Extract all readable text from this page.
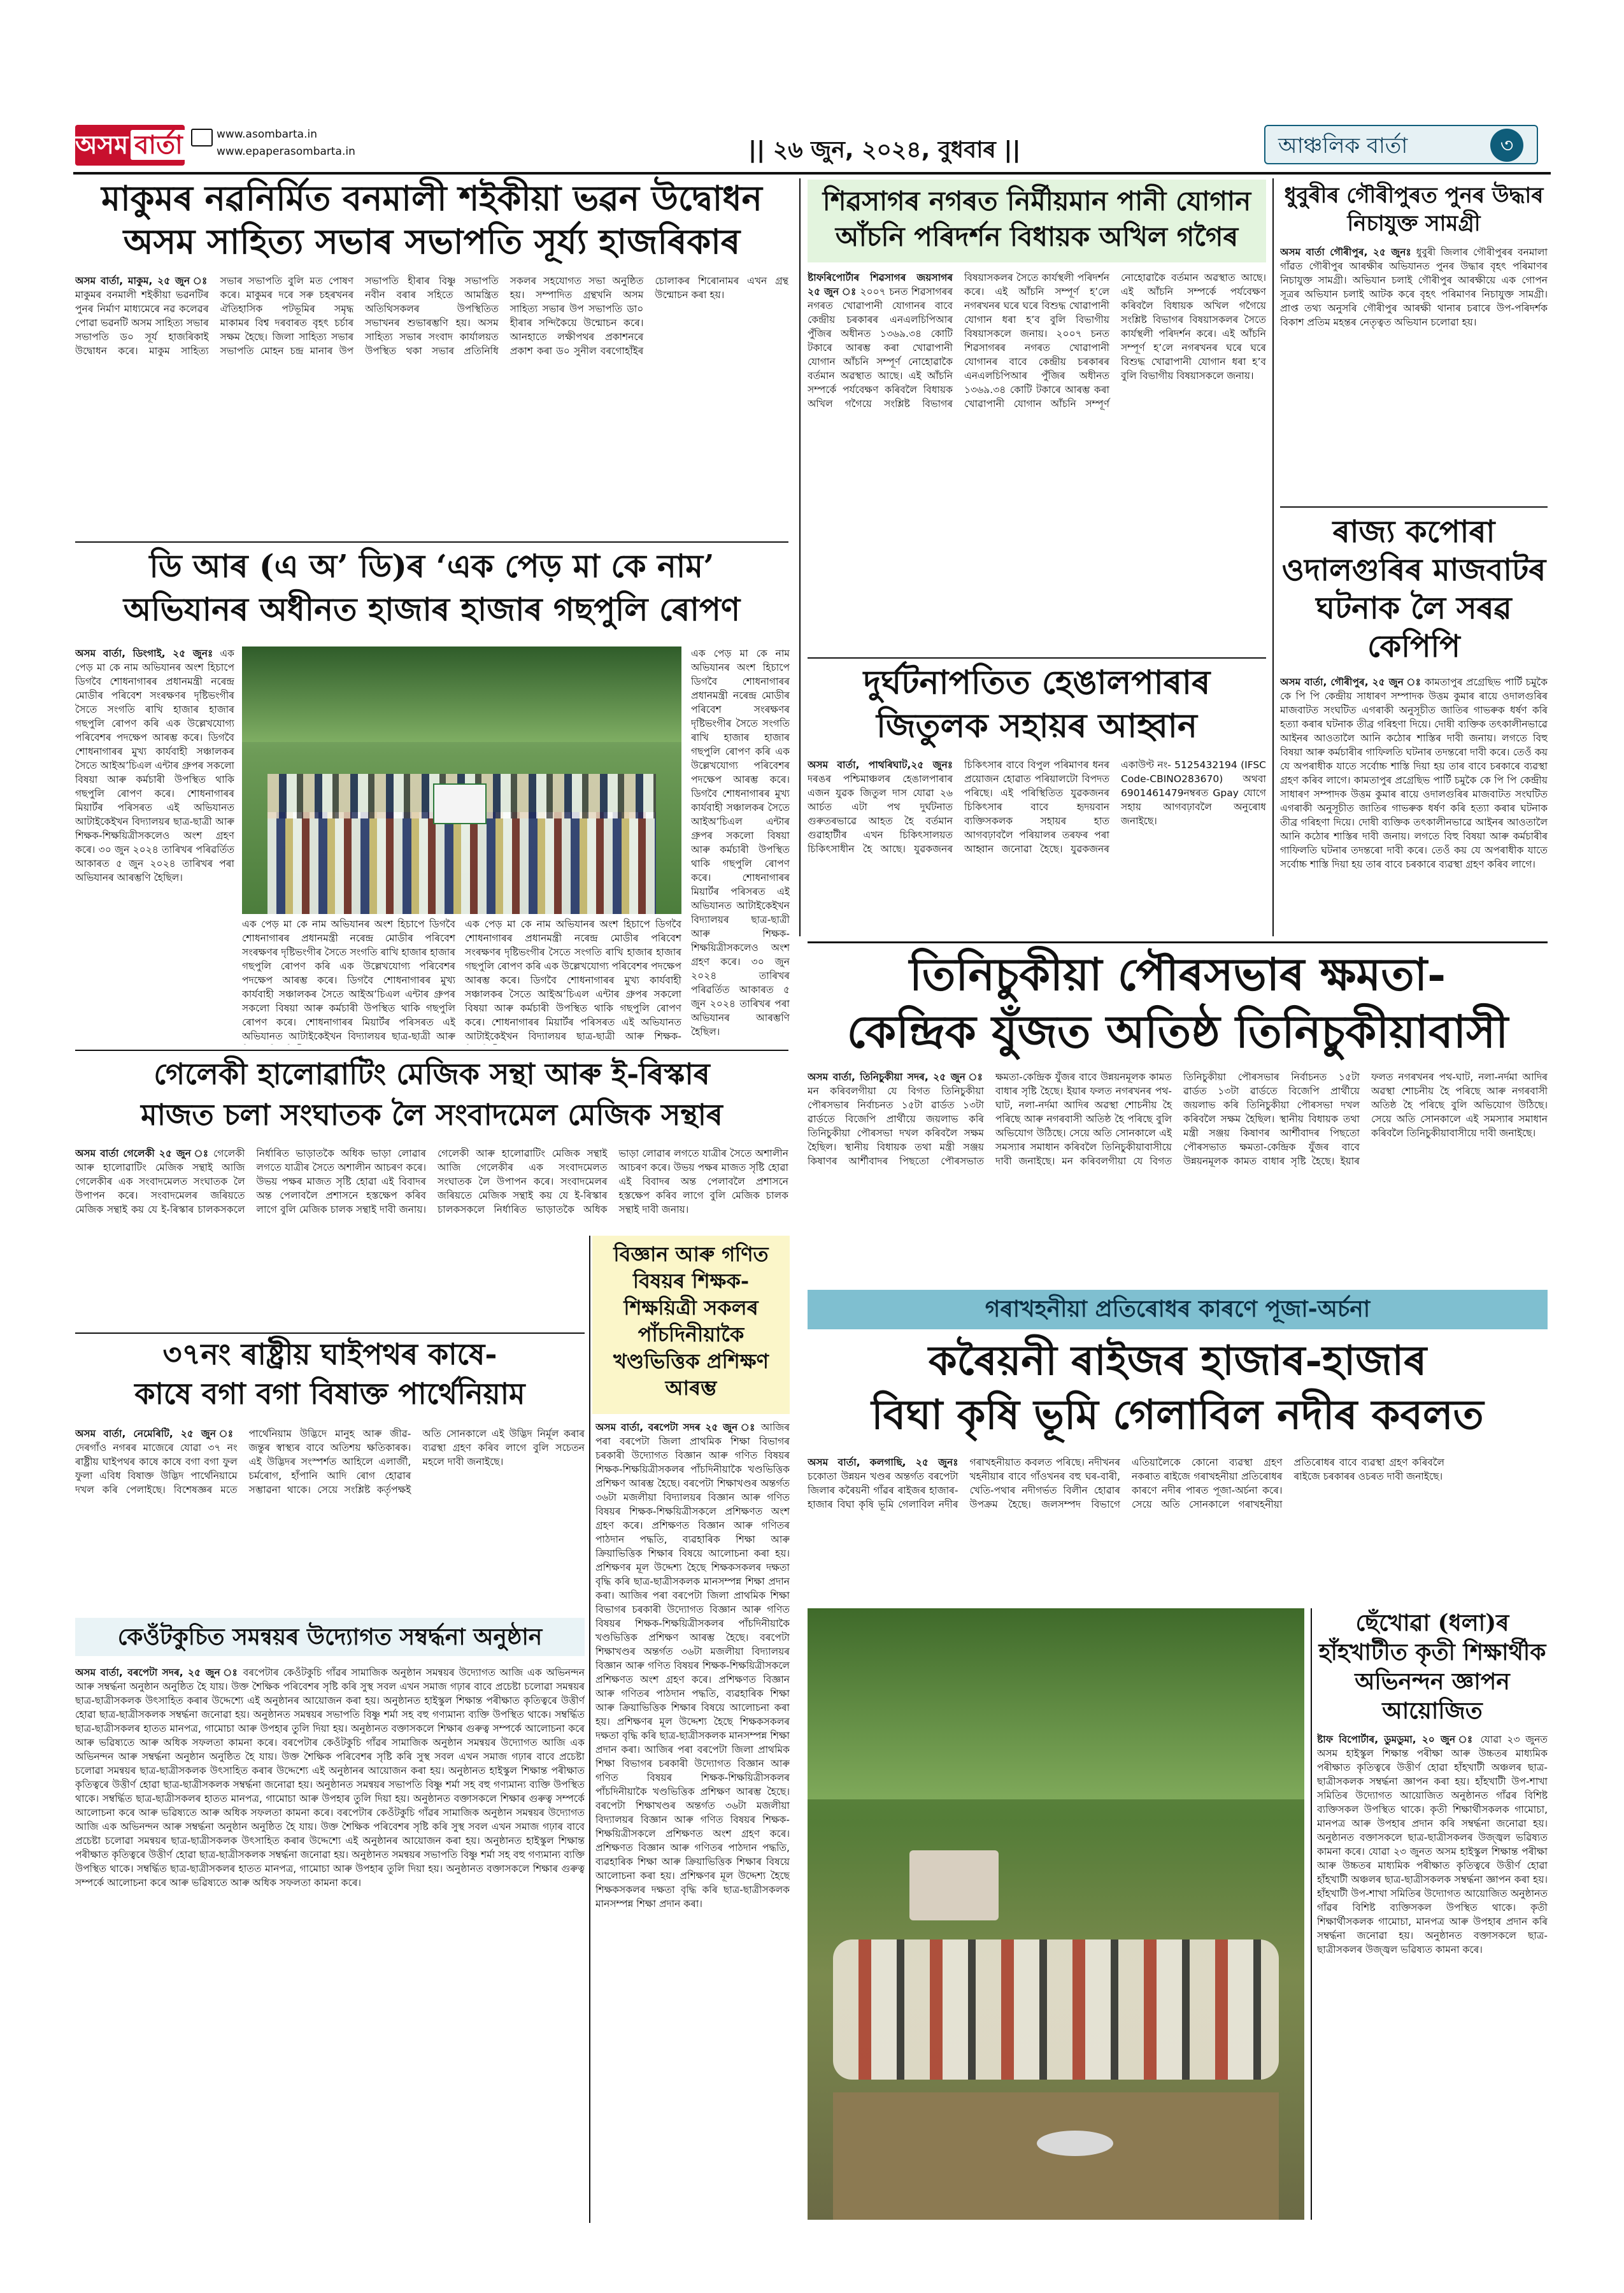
অসম বাৰ্তা	www.asombarta.in
www.epaperasombarta.in	|| ২৬ জুন, ২০২৪, বুধবাৰ ||	আঞ্চলিক বাৰ্তা	৩
মাকুমৰ নৱনিৰ্মিত বনমালী শইকীয়া ভৱন উদ্বোধন
অসম সাহিত্য সভাৰ সভাপতি সূৰ্য্য হাজৰিকাৰ
অসম বাৰ্তা, মাকুম, ২৫ জুন ঃ মাকুমৰ বনমালী শইকীয়া ভৱনটিৰ পুনৰ নিৰ্মাণ মাধ্যমেৰে নৱ কলেৱৰ পোৱা ভৱনটি অসম সাহিত্য সভাৰ সভাপতি ড০ সূৰ্য হাজৰিকাই উদ্বোধন কৰে। মাকুম সাহিত্য সভাৰ সভাপতি বুলি মত পোষণ কৰে। মাকুমৰ দৰে সৰু চহৰখনৰ ঐতিহাসিক পটভূমিৰ সমৃদ্ধ মাকামৰ বিশ্ব দৰবাৰত বৃহৎ চৰ্চাৰ সক্ষম হৈছে। জিলা সাহিত্য সভাৰ সভাপতি মোহন চন্দ্ৰ মানাৰ উপ সভাপতি হীৰাৰ বিষ্ণু সভাপতি নবীন বৰাৰ সহিতে আমন্ত্ৰিত অতিথিসকলৰ উপস্থিতিত সভাখনৰ শুভাৰম্ভণি হয়। অসম সাহিত্য সভাৰ সংবাদ কাৰ্যালয়ত উপস্থিত থকা সভাৰ প্ৰতিনিধি সকলৰ সহযোগত সভা অনুষ্ঠিত হয়। সম্পাদিত গ্ৰন্থখনি অসম সাহিত্য সভাৰ উপ সভাপতি ডা০ হীৰাৰ সন্দিকৈয়ে উন্মোচন কৰে। আনহাতে লক্ষীপথৰ প্ৰকাশনৰে প্ৰকাশ কৰা ড০ সুনীল বৰগোহাঁইৰ চোলাকৰ শিৰোনামৰ এখন গ্ৰন্থ উন্মোচন কৰা হয়।
ডি আৰ (এ অ’ ডি)ৰ ‘এক পেড় মা কে নাম’
অভিযানৰ অধীনত হাজাৰ হাজাৰ গছপুলি ৰোপণ
অসম বাৰ্তা, ডিংগাই, ২৫ জুনঃ এক পেড় মা কে নাম অভিযানৰ অংশ হিচাপে ডিগবৈ শোধনাগাৰৰ প্ৰধানমন্ত্ৰী নৰেন্দ্ৰ মোডীৰ পৰিবেশ সংৰক্ষণৰ দৃষ্টিভংগীৰ সৈতে সংগতি ৰাখি হাজাৰ হাজাৰ গছপুলি ৰোপণ কৰি এক উল্লেখযোগ্য পৰিবেশৰ পদক্ষেপ আৰম্ভ কৰে। ডিগবৈ শোধনাগাৰৰ মুখ্য কাৰ্যবাহী সঞ্চালকৰ সৈতে আইঅ’চিএল এন্টাৰ গ্ৰুপৰ সকলো বিষয়া আৰু কৰ্মচাৰী উপস্থিত থাকি গছপুলি ৰোপণ কৰে। শোধনাগাৰৰ মিয়াৰ্টৰ পৰিসৰত এই অভিযানত আটাইকেইখন বিদ্যালয়ৰ ছাত্ৰ-ছাত্ৰী আৰু শিক্ষক-শিক্ষয়িত্ৰীসকলেও অংশ গ্ৰহণ কৰে। ৩০ জুন ২০২৪ তাৰিখৰ পৰিৱৰ্তিত আকাৰত ৫ জুন ২০২৪ তাৰিখৰ পৰা অভিযানৰ আৰম্ভণি হৈছিল।
এক পেড় মা কে নাম অভিযানৰ অংশ হিচাপে ডিগবৈ শোধনাগাৰৰ প্ৰধানমন্ত্ৰী নৰেন্দ্ৰ মোডীৰ পৰিবেশ সংৰক্ষণৰ দৃষ্টিভংগীৰ সৈতে সংগতি ৰাখি হাজাৰ হাজাৰ গছপুলি ৰোপণ কৰি এক উল্লেখযোগ্য পৰিবেশৰ পদক্ষেপ আৰম্ভ কৰে। ডিগবৈ শোধনাগাৰৰ মুখ্য কাৰ্যবাহী সঞ্চালকৰ সৈতে আইঅ’চিএল এন্টাৰ গ্ৰুপৰ সকলো বিষয়া আৰু কৰ্মচাৰী উপস্থিত থাকি গছপুলি ৰোপণ কৰে। শোধনাগাৰৰ মিয়াৰ্টৰ পৰিসৰত এই অভিযানত আটাইকেইখন বিদ্যালয়ৰ ছাত্ৰ-ছাত্ৰী আৰু
এক পেড় মা কে নাম অভিযানৰ অংশ হিচাপে ডিগবৈ শোধনাগাৰৰ প্ৰধানমন্ত্ৰী নৰেন্দ্ৰ মোডীৰ পৰিবেশ সংৰক্ষণৰ দৃষ্টিভংগীৰ সৈতে সংগতি ৰাখি হাজাৰ হাজাৰ গছপুলি ৰোপণ কৰি এক উল্লেখযোগ্য পৰিবেশৰ পদক্ষেপ আৰম্ভ কৰে। ডিগবৈ শোধনাগাৰৰ মুখ্য কাৰ্যবাহী সঞ্চালকৰ সৈতে আইঅ’চিএল এন্টাৰ গ্ৰুপৰ সকলো বিষয়া আৰু কৰ্মচাৰী উপস্থিত থাকি গছপুলি ৰোপণ কৰে। শোধনাগাৰৰ মিয়াৰ্টৰ পৰিসৰত এই অভিযানত আটাইকেইখন বিদ্যালয়ৰ ছাত্ৰ-ছাত্ৰী আৰু শিক্ষক-
এক পেড় মা কে নাম অভিযানৰ অংশ হিচাপে ডিগবৈ শোধনাগাৰৰ প্ৰধানমন্ত্ৰী নৰেন্দ্ৰ মোডীৰ পৰিবেশ সংৰক্ষণৰ দৃষ্টিভংগীৰ সৈতে সংগতি ৰাখি হাজাৰ হাজাৰ গছপুলি ৰোপণ কৰি এক উল্লেখযোগ্য পৰিবেশৰ পদক্ষেপ আৰম্ভ কৰে। ডিগবৈ শোধনাগাৰৰ মুখ্য কাৰ্যবাহী সঞ্চালকৰ সৈতে আইঅ’চিএল এন্টাৰ গ্ৰুপৰ সকলো বিষয়া আৰু কৰ্মচাৰী উপস্থিত থাকি গছপুলি ৰোপণ কৰে। শোধনাগাৰৰ মিয়াৰ্টৰ পৰিসৰত এই অভিযানত আটাইকেইখন বিদ্যালয়ৰ ছাত্ৰ-ছাত্ৰী আৰু শিক্ষক-শিক্ষয়িত্ৰীসকলেও অংশ গ্ৰহণ কৰে। ৩০ জুন ২০২৪ তাৰিখৰ পৰিৱৰ্তিত আকাৰত ৫ জুন ২০২৪ তাৰিখৰ পৰা অভিযানৰ আৰম্ভণি হৈছিল।
গেলেকী হালোৱাটিং মেজিক সন্থা আৰু ই-ৰিস্কাৰ
মাজত চলা সংঘাতক লৈ সংবাদমেল মেজিক সন্থাৰ
অসম বাৰ্তা গেলেকী ২৫ জুন ঃ গেলেকী আৰু হালোৱাটিং মেজিক সন্থাই আজি গেলেকীৰ এক সংবাদমেলত সংঘাতক লৈ উপাপন কৰে। সংবাদমেলৰ জৰিয়তে মেজিক সন্থাই কয় যে ই-ৰিস্কাৰ চালকসকলে নিৰ্ধাৰিত ভাড়াতকৈ অধিক ভাড়া লোৱাৰ লগতে যাত্ৰীৰ সৈতে অশালীন আচৰণ কৰে। উভয় পক্ষৰ মাজত সৃষ্টি হোৱা এই বিবাদৰ অন্ত পেলাবলৈ প্ৰশাসনে হস্তক্ষেপ কৰিব লাগে বুলি মেজিক চালক সন্থাই দাবী জনায়। গেলেকী আৰু হালোৱাটিং মেজিক সন্থাই আজি গেলেকীৰ এক সংবাদমেলত সংঘাতক লৈ উপাপন কৰে। সংবাদমেলৰ জৰিয়তে মেজিক সন্থাই কয় যে ই-ৰিস্কাৰ চালকসকলে নিৰ্ধাৰিত ভাড়াতকৈ অধিক ভাড়া লোৱাৰ লগতে যাত্ৰীৰ সৈতে অশালীন আচৰণ কৰে। উভয় পক্ষৰ মাজত সৃষ্টি হোৱা এই বিবাদৰ অন্ত পেলাবলৈ প্ৰশাসনে হস্তক্ষেপ কৰিব লাগে বুলি মেজিক চালক সন্থাই দাবী জনায়।
বিজ্ঞান আৰু গণিত বিষয়ৰ শিক্ষক-শিক্ষয়িত্ৰী সকলৰ পাঁচদিনীয়াকৈ খণ্ডভিত্তিক প্ৰশিক্ষণ আৰম্ভ
অসম বাৰ্তা, বৰপেটা সদৰ ২৫ জুন ঃ আজিৰ পৰা বৰপেটা জিলা প্ৰাথমিক শিক্ষা বিভাগৰ চৰকাৰী উদ্যোগত বিজ্ঞান আৰু গণিত বিষয়ৰ শিক্ষক-শিক্ষয়িত্ৰীসকলৰ পাঁচদিনীয়াকৈ খণ্ডভিত্তিক প্ৰশিক্ষণ আৰম্ভ হৈছে। বৰপেটা শিক্ষাখণ্ডৰ অন্তৰ্গত ৩৬টা মজলীয়া বিদ্যালয়ৰ বিজ্ঞান আৰু গণিত বিষয়ৰ শিক্ষক-শিক্ষয়িত্ৰীসকলে প্ৰশিক্ষণত অংশ গ্ৰহণ কৰে। প্ৰশিক্ষণত বিজ্ঞান আৰু গণিতৰ পাঠদান পদ্ধতি, ব্যৱহাৰিক শিক্ষা আৰু ক্ৰিয়াভিত্তিক শিক্ষাৰ বিষয়ে আলোচনা কৰা হয়। প্ৰশিক্ষণৰ মূল উদ্দেশ্য হৈছে শিক্ষকসকলৰ দক্ষতা বৃদ্ধি কৰি ছাত্ৰ-ছাত্ৰীসকলক মানসম্পন্ন শিক্ষা প্ৰদান কৰা। আজিৰ পৰা বৰপেটা জিলা প্ৰাথমিক শিক্ষা বিভাগৰ চৰকাৰী উদ্যোগত বিজ্ঞান আৰু গণিত বিষয়ৰ শিক্ষক-শিক্ষয়িত্ৰীসকলৰ পাঁচদিনীয়াকৈ খণ্ডভিত্তিক প্ৰশিক্ষণ আৰম্ভ হৈছে। বৰপেটা শিক্ষাখণ্ডৰ অন্তৰ্গত ৩৬টা মজলীয়া বিদ্যালয়ৰ বিজ্ঞান আৰু গণিত বিষয়ৰ শিক্ষক-শিক্ষয়িত্ৰীসকলে প্ৰশিক্ষণত অংশ গ্ৰহণ কৰে। প্ৰশিক্ষণত বিজ্ঞান আৰু গণিতৰ পাঠদান পদ্ধতি, ব্যৱহাৰিক শিক্ষা আৰু ক্ৰিয়াভিত্তিক শিক্ষাৰ বিষয়ে আলোচনা কৰা হয়। প্ৰশিক্ষণৰ মূল উদ্দেশ্য হৈছে শিক্ষকসকলৰ দক্ষতা বৃদ্ধি কৰি ছাত্ৰ-ছাত্ৰীসকলক মানসম্পন্ন শিক্ষা প্ৰদান কৰা। আজিৰ পৰা বৰপেটা জিলা প্ৰাথমিক শিক্ষা বিভাগৰ চৰকাৰী উদ্যোগত বিজ্ঞান আৰু গণিত বিষয়ৰ শিক্ষক-শিক্ষয়িত্ৰীসকলৰ পাঁচদিনীয়াকৈ খণ্ডভিত্তিক প্ৰশিক্ষণ আৰম্ভ হৈছে। বৰপেটা শিক্ষাখণ্ডৰ অন্তৰ্গত ৩৬টা মজলীয়া বিদ্যালয়ৰ বিজ্ঞান আৰু গণিত বিষয়ৰ শিক্ষক-শিক্ষয়িত্ৰীসকলে প্ৰশিক্ষণত অংশ গ্ৰহণ কৰে। প্ৰশিক্ষণত বিজ্ঞান আৰু গণিতৰ পাঠদান পদ্ধতি, ব্যৱহাৰিক শিক্ষা আৰু ক্ৰিয়াভিত্তিক শিক্ষাৰ বিষয়ে আলোচনা কৰা হয়। প্ৰশিক্ষণৰ মূল উদ্দেশ্য হৈছে শিক্ষকসকলৰ দক্ষতা বৃদ্ধি কৰি ছাত্ৰ-ছাত্ৰীসকলক মানসম্পন্ন শিক্ষা প্ৰদান কৰা।
৩৭নং ৰাষ্ট্ৰীয় ঘাইপথৰ কাষে-
কাষে বগা বগা বিষাক্ত পাৰ্থেনিয়াম
অসম বাৰ্তা, নেমেৰিটি, ২৫ জুন ঃ দেৰগাঁও নগৰৰ মাজেৰে যোৱা ৩৭ নং ৰাষ্ট্ৰীয় ঘাইপথৰ কাষে কাষে বগা বগা ফুল ফুলা এবিধ বিষাক্ত উদ্ভিদ পাৰ্থেনিয়ামে দখল কৰি পেলাইছে। বিশেষজ্ঞৰ মতে পাৰ্থেনিয়াম উদ্ভিদে মানুহ আৰু জীৱ-জন্তুৰ স্বাস্থ্যৰ বাবে অতিশয় ক্ষতিকাৰক। এই উদ্ভিদৰ সংস্পৰ্শত আহিলে এলাৰ্জী, চৰ্মৰোগ, হাঁপানি আদি ৰোগ হোৱাৰ সম্ভাৱনা থাকে। সেয়ে সংশ্লিষ্ট কৰ্তৃপক্ষই অতি সোনকালে এই উদ্ভিদ নিৰ্মূল কৰাৰ ব্যৱস্থা গ্ৰহণ কৰিব লাগে বুলি সচেতন মহলে দাবী জনাইছে।
কেওঁটকুচিত সমন্বয়ৰ উদ্যোগত সম্বৰ্দ্ধনা অনুষ্ঠান
অসম বাৰ্তা, বৰপেটা সদৰ, ২৫ জুন ঃ বৰপেটাৰ কেওঁটকুচি গাঁৱৰ সামাজিক অনুষ্ঠান সমন্বয়ৰ উদ্যোগত আজি এক অভিনন্দন আৰু সম্বৰ্দ্ধনা অনুষ্ঠান অনুষ্ঠিত হৈ যায়। উক্ত শৈক্ষিক পৰিবেশৰ সৃষ্টি কৰি সুস্থ সবল এখন সমাজ গঢ়াৰ বাবে প্ৰচেষ্টা চলোৱা সমন্বয়ৰ ছাত্ৰ-ছাত্ৰীসকলক উৎসাহিত কৰাৰ উদ্দেশ্যে এই অনুষ্ঠানৰ আয়োজন কৰা হয়। অনুষ্ঠানত হাইস্কুল শিক্ষান্ত পৰীক্ষাত কৃতিত্বৰে উত্তীৰ্ণ হোৱা ছাত্ৰ-ছাত্ৰীসকলক সম্বৰ্দ্ধনা জনোৱা হয়। অনুষ্ঠানত সমন্বয়ৰ সভাপতি বিষ্ণু শৰ্মা সহ বহু গণ্যমান্য ব্যক্তি উপস্থিত থাকে। সম্বৰ্দ্ধিত ছাত্ৰ-ছাত্ৰীসকলৰ হাতত মানপত্ৰ, গামোচা আৰু উপহাৰ তুলি দিয়া হয়। অনুষ্ঠানত বক্তাসকলে শিক্ষাৰ গুৰুত্ব সম্পৰ্কে আলোচনা কৰে আৰু ভৱিষ্যতে আৰু অধিক সফলতা কামনা কৰে। বৰপেটাৰ কেওঁটকুচি গাঁৱৰ সামাজিক অনুষ্ঠান সমন্বয়ৰ উদ্যোগত আজি এক অভিনন্দন আৰু সম্বৰ্দ্ধনা অনুষ্ঠান অনুষ্ঠিত হৈ যায়। উক্ত শৈক্ষিক পৰিবেশৰ সৃষ্টি কৰি সুস্থ সবল এখন সমাজ গঢ়াৰ বাবে প্ৰচেষ্টা চলোৱা সমন্বয়ৰ ছাত্ৰ-ছাত্ৰীসকলক উৎসাহিত কৰাৰ উদ্দেশ্যে এই অনুষ্ঠানৰ আয়োজন কৰা হয়। অনুষ্ঠানত হাইস্কুল শিক্ষান্ত পৰীক্ষাত কৃতিত্বৰে উত্তীৰ্ণ হোৱা ছাত্ৰ-ছাত্ৰীসকলক সম্বৰ্দ্ধনা জনোৱা হয়। অনুষ্ঠানত সমন্বয়ৰ সভাপতি বিষ্ণু শৰ্মা সহ বহু গণ্যমান্য ব্যক্তি উপস্থিত থাকে। সম্বৰ্দ্ধিত ছাত্ৰ-ছাত্ৰীসকলৰ হাতত মানপত্ৰ, গামোচা আৰু উপহাৰ তুলি দিয়া হয়। অনুষ্ঠানত বক্তাসকলে শিক্ষাৰ গুৰুত্ব সম্পৰ্কে আলোচনা কৰে আৰু ভৱিষ্যতে আৰু অধিক সফলতা কামনা কৰে। বৰপেটাৰ কেওঁটকুচি গাঁৱৰ সামাজিক অনুষ্ঠান সমন্বয়ৰ উদ্যোগত আজি এক অভিনন্দন আৰু সম্বৰ্দ্ধনা অনুষ্ঠান অনুষ্ঠিত হৈ যায়। উক্ত শৈক্ষিক পৰিবেশৰ সৃষ্টি কৰি সুস্থ সবল এখন সমাজ গঢ়াৰ বাবে প্ৰচেষ্টা চলোৱা সমন্বয়ৰ ছাত্ৰ-ছাত্ৰীসকলক উৎসাহিত কৰাৰ উদ্দেশ্যে এই অনুষ্ঠানৰ আয়োজন কৰা হয়। অনুষ্ঠানত হাইস্কুল শিক্ষান্ত পৰীক্ষাত কৃতিত্বৰে উত্তীৰ্ণ হোৱা ছাত্ৰ-ছাত্ৰীসকলক সম্বৰ্দ্ধনা জনোৱা হয়। অনুষ্ঠানত সমন্বয়ৰ সভাপতি বিষ্ণু শৰ্মা সহ বহু গণ্যমান্য ব্যক্তি উপস্থিত থাকে। সম্বৰ্দ্ধিত ছাত্ৰ-ছাত্ৰীসকলৰ হাতত মানপত্ৰ, গামোচা আৰু উপহাৰ তুলি দিয়া হয়। অনুষ্ঠানত বক্তাসকলে শিক্ষাৰ গুৰুত্ব সম্পৰ্কে আলোচনা কৰে আৰু ভৱিষ্যতে আৰু অধিক সফলতা কামনা কৰে।
শিৱসাগৰ নগৰত নিৰ্মীয়মান পানী যোগান
আঁচনি পৰিদৰ্শন বিধায়ক অখিল গগৈৰ
ষ্টাফৰিপোৰ্টাৰ শিৱসাগৰ জয়সাগৰ ২৫ জুন ঃ ২০০৭ চনত শিৱসাগৰৰ নগৰত খোৱাপানী যোগানৰ বাবে কেন্দ্ৰীয় চৰকাৰৰ এনএলচিপিআৰ পুঁজিৰ অধীনত ১৩৬৯.৩৪ কোটি টকাৰে আৰম্ভ কৰা খোৱাপানী যোগান আঁচনি সম্পূৰ্ণ নোহোৱাকৈ বৰ্তমান অৱস্থাত আছে। এই আঁচনি সম্পৰ্কে পৰ্যবেক্ষণ কৰিবলৈ বিধায়ক অখিল গগৈয়ে সংশ্লিষ্ট বিভাগৰ বিষয়াসকলৰ সৈতে কাৰ্যস্থলী পৰিদৰ্শন কৰে। এই আঁচনি সম্পূৰ্ণ হ’লে নগৰখনৰ ঘৰে ঘৰে বিশুদ্ধ খোৱাপানী যোগান ধৰা হ’ব বুলি বিভাগীয় বিষয়াসকলে জনায়। ২০০৭ চনত শিৱসাগৰৰ নগৰত খোৱাপানী যোগানৰ বাবে কেন্দ্ৰীয় চৰকাৰৰ এনএলচিপিআৰ পুঁজিৰ অধীনত ১৩৬৯.৩৪ কোটি টকাৰে আৰম্ভ কৰা খোৱাপানী যোগান আঁচনি সম্পূৰ্ণ নোহোৱাকৈ বৰ্তমান অৱস্থাত আছে। এই আঁচনি সম্পৰ্কে পৰ্যবেক্ষণ কৰিবলৈ বিধায়ক অখিল গগৈয়ে সংশ্লিষ্ট বিভাগৰ বিষয়াসকলৰ সৈতে কাৰ্যস্থলী পৰিদৰ্শন কৰে। এই আঁচনি সম্পূৰ্ণ হ’লে নগৰখনৰ ঘৰে ঘৰে বিশুদ্ধ খোৱাপানী যোগান ধৰা হ’ব বুলি বিভাগীয় বিষয়াসকলে জনায়।
ধুবুৰীৰ গৌৰীপুৰত পুনৰ উদ্ধাৰ নিচাযুক্ত সামগ্ৰী
অসম বাৰ্তা গৌৰীপুৰ, ২৫ জুনঃ ধুবুৰী জিলাৰ গৌৰীপুৰৰ বনমালা গাঁৱত গৌৰীপুৰ আৰক্ষীৰ অভিযানত পুনৰ উদ্ধাৰ বৃহৎ পৰিমাণৰ নিচাযুক্ত সামগ্ৰী। অভিযান চলাই গৌৰীপুৰ আৰক্ষীয়ে এক গোপন সূত্ৰৰ অভিযান চলাই আটক কৰে বৃহৎ পৰিমাণৰ নিচাযুক্ত সামগ্ৰী। প্ৰাপ্ত তথ্য অনুসৰি গৌৰীপুৰ আৰক্ষী থানাৰ চৰাৰে উপ-পৰিদৰ্শক বিকাশ প্ৰতিম মহন্তৰ নেতৃত্বত অভিযান চলোৱা হয়।
ৰাজ্য কপোৰা ওদালগুৰিৰ মাজবাটৰ ঘটনাক লৈ সৰৱ কেপিপি
অসম বাৰ্তা, গৌৰীপুৰ, ২৫ জুন ঃ কামতাপুৰ প্ৰগ্ৰেছিভ পাৰ্টি চমুকৈ কে পি পি কেন্দ্ৰীয় সাধাৰণ সম্পাদক উত্তম কুমাৰ ৰায়ে ওদালগুৰিৰ মাজবাটত সংঘটিত এগৰাকী অনুসূচীত জাতিৰ গাভৰুক ধৰ্ষণ কৰি হত্যা কৰাৰ ঘটনাক তীব্ৰ গৰিহণা দিয়ে। দোষী ব্যক্তিক তৎকালীনভাৱে আইনৰ আওতালৈ আনি কঠোৰ শাস্তিৰ দাবী জনায়। লগতে বিহু বিষয়া আৰু কৰ্মচাৰীৰ গাফিলতি ঘটনাৰ তদন্তৰো দাবী কৰে। তেওঁ কয় যে অপৰাধীক যাতে সৰ্বোচ্চ শাস্তি দিয়া হয় তাৰ বাবে চৰকাৰে ব্যৱস্থা গ্ৰহণ কৰিব লাগে। কামতাপুৰ প্ৰগ্ৰেছিভ পাৰ্টি চমুকৈ কে পি পি কেন্দ্ৰীয় সাধাৰণ সম্পাদক উত্তম কুমাৰ ৰায়ে ওদালগুৰিৰ মাজবাটত সংঘটিত এগৰাকী অনুসূচীত জাতিৰ গাভৰুক ধৰ্ষণ কৰি হত্যা কৰাৰ ঘটনাক তীব্ৰ গৰিহণা দিয়ে। দোষী ব্যক্তিক তৎকালীনভাৱে আইনৰ আওতালৈ আনি কঠোৰ শাস্তিৰ দাবী জনায়। লগতে বিহু বিষয়া আৰু কৰ্মচাৰীৰ গাফিলতি ঘটনাৰ তদন্তৰো দাবী কৰে। তেওঁ কয় যে অপৰাধীক যাতে সৰ্বোচ্চ শাস্তি দিয়া হয় তাৰ বাবে চৰকাৰে ব্যৱস্থা গ্ৰহণ কৰিব লাগে।
দুৰ্ঘটনাপতিত হেঙালপাৰাৰ
জিতুলক সহায়ৰ আহ্বান
অসম বাৰ্তা, পাথৰিঘাট,২৫ জুনঃ দৰঙৰ পশ্চিমাঞ্চলৰ হেঙালপাৰাৰ এজন যুৱক জিতুল দাস যোৱা ২৬ আৰ্চত এটা পথ দুৰ্ঘটনাত গুৰুতৰভাৱে আহত হৈ বৰ্তমান গুৱাহাটীৰ এখন চিকিৎসালয়ত চিকিৎসাধীন হৈ আছে। যুৱকজনৰ চিকিৎসাৰ বাবে বিপুল পৰিমাণৰ ধনৰ প্ৰয়োজন হোৱাত পৰিয়ালটো বিপদত পৰিছে। এই পৰিস্থিতিত যুৱকজনৰ চিকিৎসাৰ বাবে হৃদয়বান ব্যক্তিসকলক সহায়ৰ হাত আগবঢ়াবলৈ পৰিয়ালৰ তৰফৰ পৰা আহ্বান জনোৱা হৈছে। যুৱকজনৰ একাউণ্ট নং- 5125432194 (IFSC Code-CBINO283670) অথবা 6901461479নম্বৰত Gpay যোগে সহায় আগবঢ়াবলৈ অনুৰোধ জনাইছে।
তিনিচুকীয়া পৌৰসভাৰ ক্ষমতা-
কেন্দ্ৰিক যুঁজত অতিষ্ঠ তিনিচুকীয়াবাসী
অসম বাৰ্তা, তিনিচুকীয়া সদৰ, ২৫ জুন ঃ মন কৰিবলগীয়া যে বিগত তিনিচুকীয়া পৌৰসভাৰ নিৰ্বাচনত ১৫টা ৱাৰ্ডত ১৩টা ৱাৰ্ডতে বিজেপি প্ৰাৰ্থীয়ে জয়লাভ কৰি তিনিচুকীয়া পৌৰসভা দখল কৰিবলৈ সক্ষম হৈছিল। স্থানীয় বিধায়ক তথা মন্ত্ৰী সঞ্জয় কিষাণৰ আৰ্শীবাদৰ পিছতো পৌৰসভাত ক্ষমতা-কেন্দ্ৰিক যুঁজৰ বাবে উন্নয়নমূলক কামত বাধাৰ সৃষ্টি হৈছে। ইয়াৰ ফলত নগৰখনৰ পথ-ঘাট, নলা-নৰ্দমা আদিৰ অৱস্থা শোচনীয় হৈ পৰিছে আৰু নগৰবাসী অতিষ্ঠ হৈ পৰিছে বুলি অভিযোগ উঠিছে। সেয়ে অতি সোনকালে এই সমস্যাৰ সমাধান কৰিবলৈ তিনিচুকীয়াবাসীয়ে দাবী জনাইছে। মন কৰিবলগীয়া যে বিগত তিনিচুকীয়া পৌৰসভাৰ নিৰ্বাচনত ১৫টা ৱাৰ্ডত ১৩টা ৱাৰ্ডতে বিজেপি প্ৰাৰ্থীয়ে জয়লাভ কৰি তিনিচুকীয়া পৌৰসভা দখল কৰিবলৈ সক্ষম হৈছিল। স্থানীয় বিধায়ক তথা মন্ত্ৰী সঞ্জয় কিষাণৰ আৰ্শীবাদৰ পিছতো পৌৰসভাত ক্ষমতা-কেন্দ্ৰিক যুঁজৰ বাবে উন্নয়নমূলক কামত বাধাৰ সৃষ্টি হৈছে। ইয়াৰ ফলত নগৰখনৰ পথ-ঘাট, নলা-নৰ্দমা আদিৰ অৱস্থা শোচনীয় হৈ পৰিছে আৰু নগৰবাসী অতিষ্ঠ হৈ পৰিছে বুলি অভিযোগ উঠিছে। সেয়ে অতি সোনকালে এই সমস্যাৰ সমাধান কৰিবলৈ তিনিচুকীয়াবাসীয়ে দাবী জনাইছে।
গৰাখহনীয়া প্ৰতিৰোধৰ কাৰণে পূজা-অৰ্চনা
কৰৈয়নী ৰাইজৰ হাজাৰ-হাজাৰ
বিঘা কৃষি ভূমি গেলাবিল নদীৰ কবলত
অসম বাৰ্তা, কলগাছি, ২৫ জুনঃ চকোতা উন্নয়ন খণ্ডৰ অন্তৰ্গত বৰপেটা জিলাৰ কৰৈয়নী গাঁৱৰ ৰাইজৰ হাজাৰ-হাজাৰ বিঘা কৃষি ভূমি গেলাবিল নদীৰ গৰাখহনীয়াত কবলত পৰিছে। নদীখনৰ খহনীয়াৰ বাবে গাঁওখনৰ বহু ঘৰ-বাৰী, খেতি-পথাৰ নদীগৰ্ভত বিলীন হোৱাৰ উপক্ৰম হৈছে। জলসম্পদ বিভাগে এতিয়ালৈকে কোনো ব্যৱস্থা গ্ৰহণ নকৰাত ৰাইজে গৰাখহনীয়া প্ৰতিৰোধৰ কাৰণে নদীৰ পাৰত পূজা-অৰ্চনা কৰে। সেয়ে অতি সোনকালে গৰাখহনীয়া প্ৰতিৰোধৰ বাবে ব্যৱস্থা গ্ৰহণ কৰিবলৈ ৰাইজে চৰকাৰৰ ওচৰত দাবী জনাইছে।
ছেঁখোৱা (ধলা)ৰ হাঁহখাটীত কৃতী শিক্ষাৰ্থীক অভিনন্দন জ্ঞাপন আয়োজিত
ষ্টাফ বিপোৰ্টাৰ, ডুমডুমা, ২০ জুন ঃ যোৱা ২৩ জুনত অসম হাইস্কুল শিক্ষান্ত পৰীক্ষা আৰু উচ্চতৰ মাধ্যমিক পৰীক্ষাত কৃতিত্বৰে উত্তীৰ্ণ হোৱা হাঁহখাটী অঞ্চলৰ ছাত্ৰ-ছাত্ৰীসকলক সম্বৰ্দ্ধনা জ্ঞাপন কৰা হয়। হাঁহখাটী উপ-শাখা সমিতিৰ উদ্যোগত আয়োজিত অনুষ্ঠানত গাঁৱৰ বিশিষ্ট ব্যক্তিসকল উপস্থিত থাকে। কৃতী শিক্ষাৰ্থীসকলক গামোচা, মানপত্ৰ আৰু উপহাৰ প্ৰদান কৰি সম্বৰ্দ্ধনা জনোৱা হয়। অনুষ্ঠানত বক্তাসকলে ছাত্ৰ-ছাত্ৰীসকলৰ উজ্জ্বল ভৱিষ্যত কামনা কৰে। যোৱা ২৩ জুনত অসম হাইস্কুল শিক্ষান্ত পৰীক্ষা আৰু উচ্চতৰ মাধ্যমিক পৰীক্ষাত কৃতিত্বৰে উত্তীৰ্ণ হোৱা হাঁহখাটী অঞ্চলৰ ছাত্ৰ-ছাত্ৰীসকলক সম্বৰ্দ্ধনা জ্ঞাপন কৰা হয়। হাঁহখাটী উপ-শাখা সমিতিৰ উদ্যোগত আয়োজিত অনুষ্ঠানত গাঁৱৰ বিশিষ্ট ব্যক্তিসকল উপস্থিত থাকে। কৃতী শিক্ষাৰ্থীসকলক গামোচা, মানপত্ৰ আৰু উপহাৰ প্ৰদান কৰি সম্বৰ্দ্ধনা জনোৱা হয়। অনুষ্ঠানত বক্তাসকলে ছাত্ৰ-ছাত্ৰীসকলৰ উজ্জ্বল ভৱিষ্যত কামনা কৰে।
